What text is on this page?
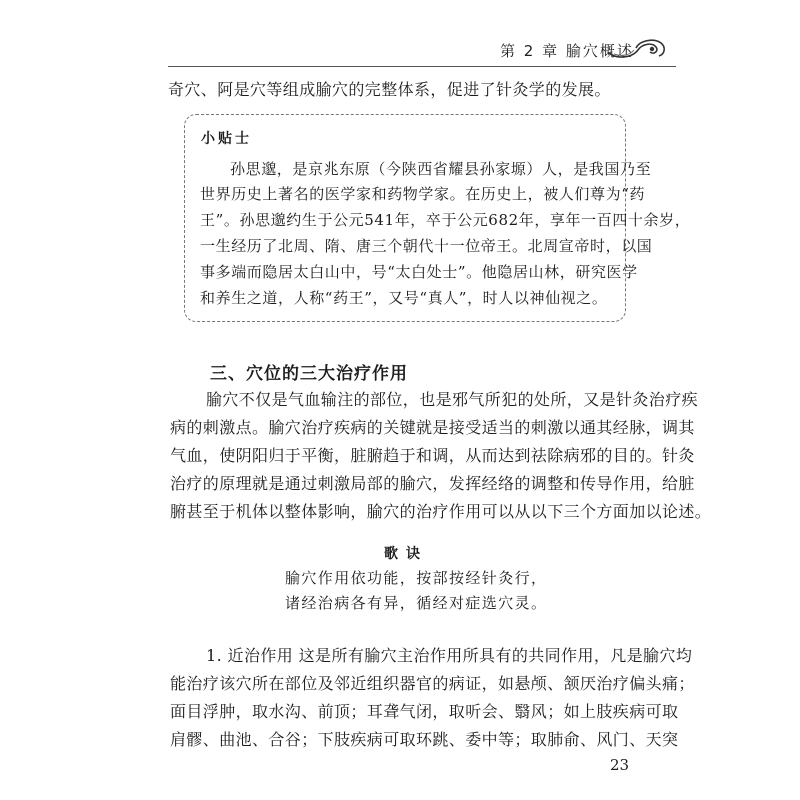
第 2 章 腧穴概述
奇穴、阿是穴等组成腧穴的完整体系，促进了针灸学的发展。
小贴士
孙思邈，是京兆东原（今陕西省耀县孙家塬）人，是我国乃至
世界历史上著名的医学家和药物学家。在历史上，被人们尊为“药
王”。孙思邈约生于公元541年，卒于公元682年，享年一百四十余岁，
一生经历了北周、隋、唐三个朝代十一位帝王。北周宣帝时，以国
事多端而隐居太白山中，号“太白处士”。他隐居山林，研究医学
和养生之道，人称“药王”，又号“真人”，时人以神仙视之。
三、穴位的三大治疗作用
腧穴不仅是气血输注的部位，也是邪气所犯的处所，又是针灸治疗疾
病的刺激点。腧穴治疗疾病的关键就是接受适当的刺激以通其经脉，调其
气血，使阴阳归于平衡，脏腑趋于和调，从而达到祛除病邪的目的。针灸
治疗的原理就是通过刺激局部的腧穴，发挥经络的调整和传导作用，给脏
腑甚至于机体以整体影响，腧穴的治疗作用可以从以下三个方面加以论述。
歌诀
腧穴作用依功能，按部按经针灸行，
诸经治病各有异，循经对症选穴灵。
1. 近治作用 这是所有腧穴主治作用所具有的共同作用，凡是腧穴均
能治疗该穴所在部位及邻近组织器官的病证，如悬颅、颔厌治疗偏头痛；
面目浮肿，取水沟、前顶；耳聋气闭，取听会、翳风；如上肢疾病可取
肩髎、曲池、合谷；下肢疾病可取环跳、委中等；取肺俞、风门、天突
23
